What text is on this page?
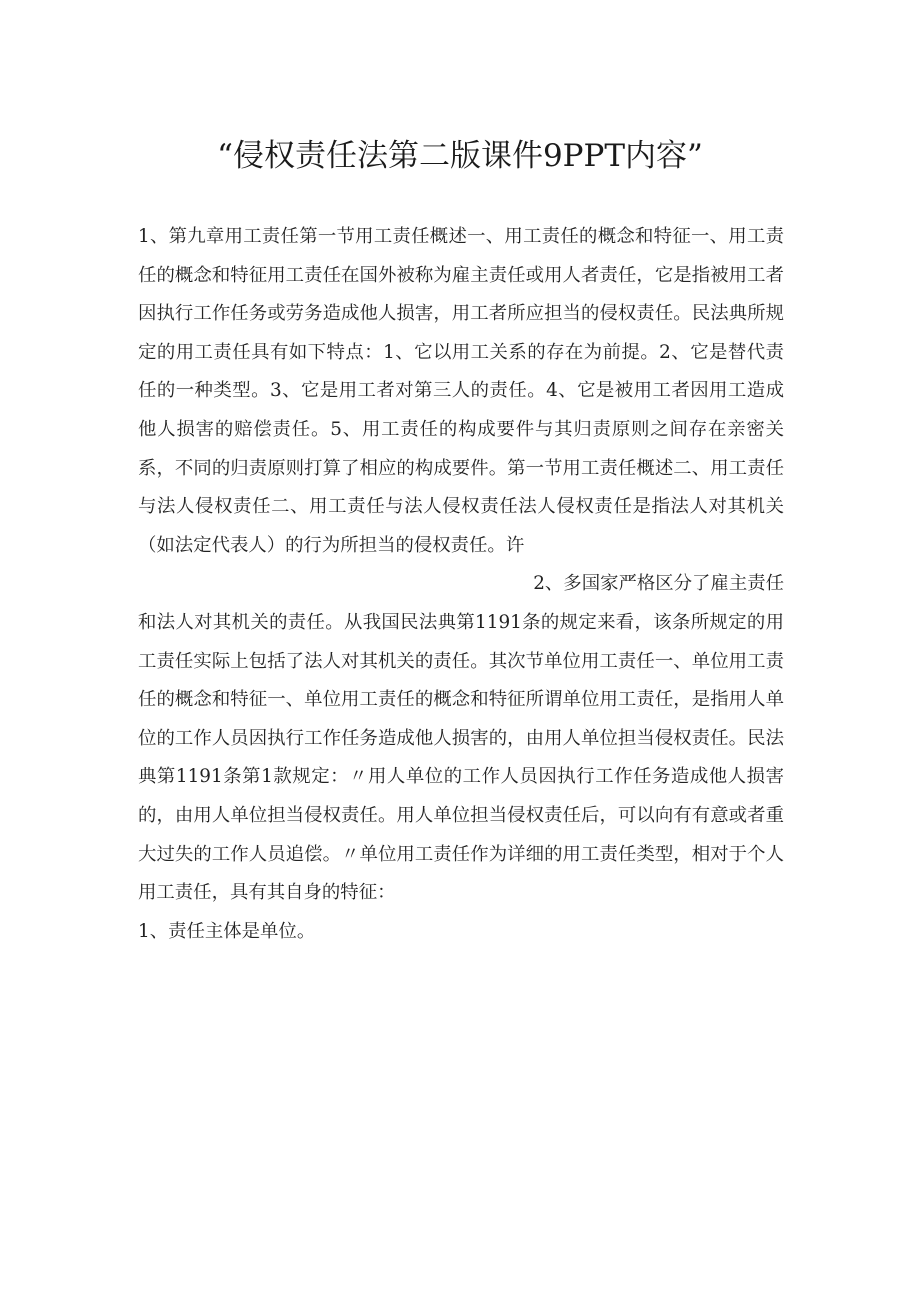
“侵权责任法第二版课件9PPT内容”

1、第九章用工责任第一节用工责任概述一、用工责任的概念和特征一、用工责任的概念和特征用工责任在国外被称为雇主责任或用人者责任，它是指被用工者因执行工作任务或劳务造成他人损害，用工者所应担当的侵权责任。民法典所规定的用工责任具有如下特点：1、它以用工关系的存在为前提。2、它是替代责任的一种类型。3、它是用工者对第三人的责任。4、它是被用工者因用工造成他人损害的赔偿责任。5、用工责任的构成要件与其归责原则之间存在亲密关系，不同的归责原则打算了相应的构成要件。第一节用工责任概述二、用工责任与法人侵权责任二、用工责任与法人侵权责任法人侵权责任是指法人对其机关（如法定代表人）的行为所担当的侵权责任。许

2、多国家严格区分了雇主责任

和法人对其机关的责任。从我国民法典第1191条的规定来看，该条所规定的用工责任实际上包括了法人对其机关的责任。其次节单位用工责任一、单位用工责任的概念和特征一、单位用工责任的概念和特征所谓单位用工责任，是指用人单位的工作人员因执行工作任务造成他人损害的，由用人单位担当侵权责任。民法典第1191条第1款规定：〃用人单位的工作人员因执行工作任务造成他人损害的，由用人单位担当侵权责任。用人单位担当侵权责任后，可以向有有意或者重大过失的工作人员追偿。〃单位用工责任作为详细的用工责任类型，相对于个人用工责任，具有其自身的特征：

1、责任主体是单位。
